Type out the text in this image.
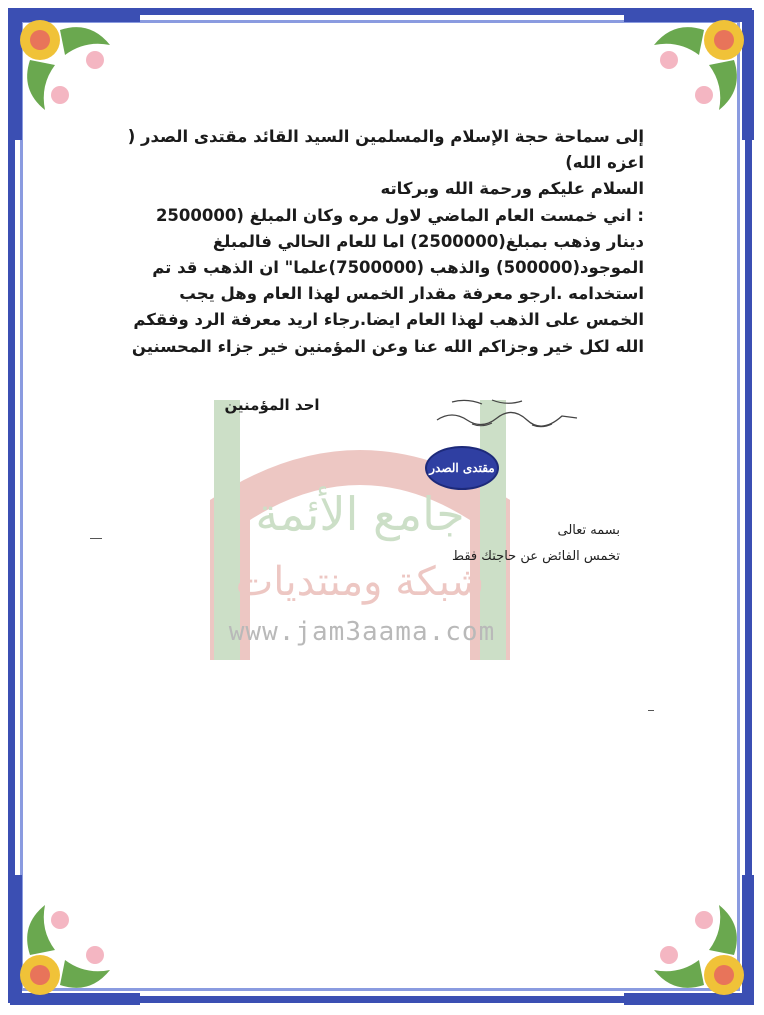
جامع الأئمة
شبكة ومنتديات
www.jam3aama.com
إلى سماحة حجة الإسلام والمسلمين السيد القائد مقتدى الصدر (
اعزه الله)
السلام عليكم ورحمة الله وبركاته
: اني خمست العام الماضي لاول مره وكان المبلغ (2500000
دينار وذهب بمبلغ(2500000) اما للعام الحالي فالمبلغ
الموجود(500000) والذهب (7500000)علما" ان الذهب قد تم
استخدامه .ارجو معرفة مقدار الخمس لهذا العام وهل يجب
الخمس على الذهب لهذا العام ايضا.رجاء اريد معرفة الرد وفقكم
الله لكل خير وجزاكم الله عنا وعن المؤمنين خير جزاء المحسنين
احد المؤمنين
مقتدى الصدر
بسمه تعالى
تخمس الفائض عن حاجتك فقط
